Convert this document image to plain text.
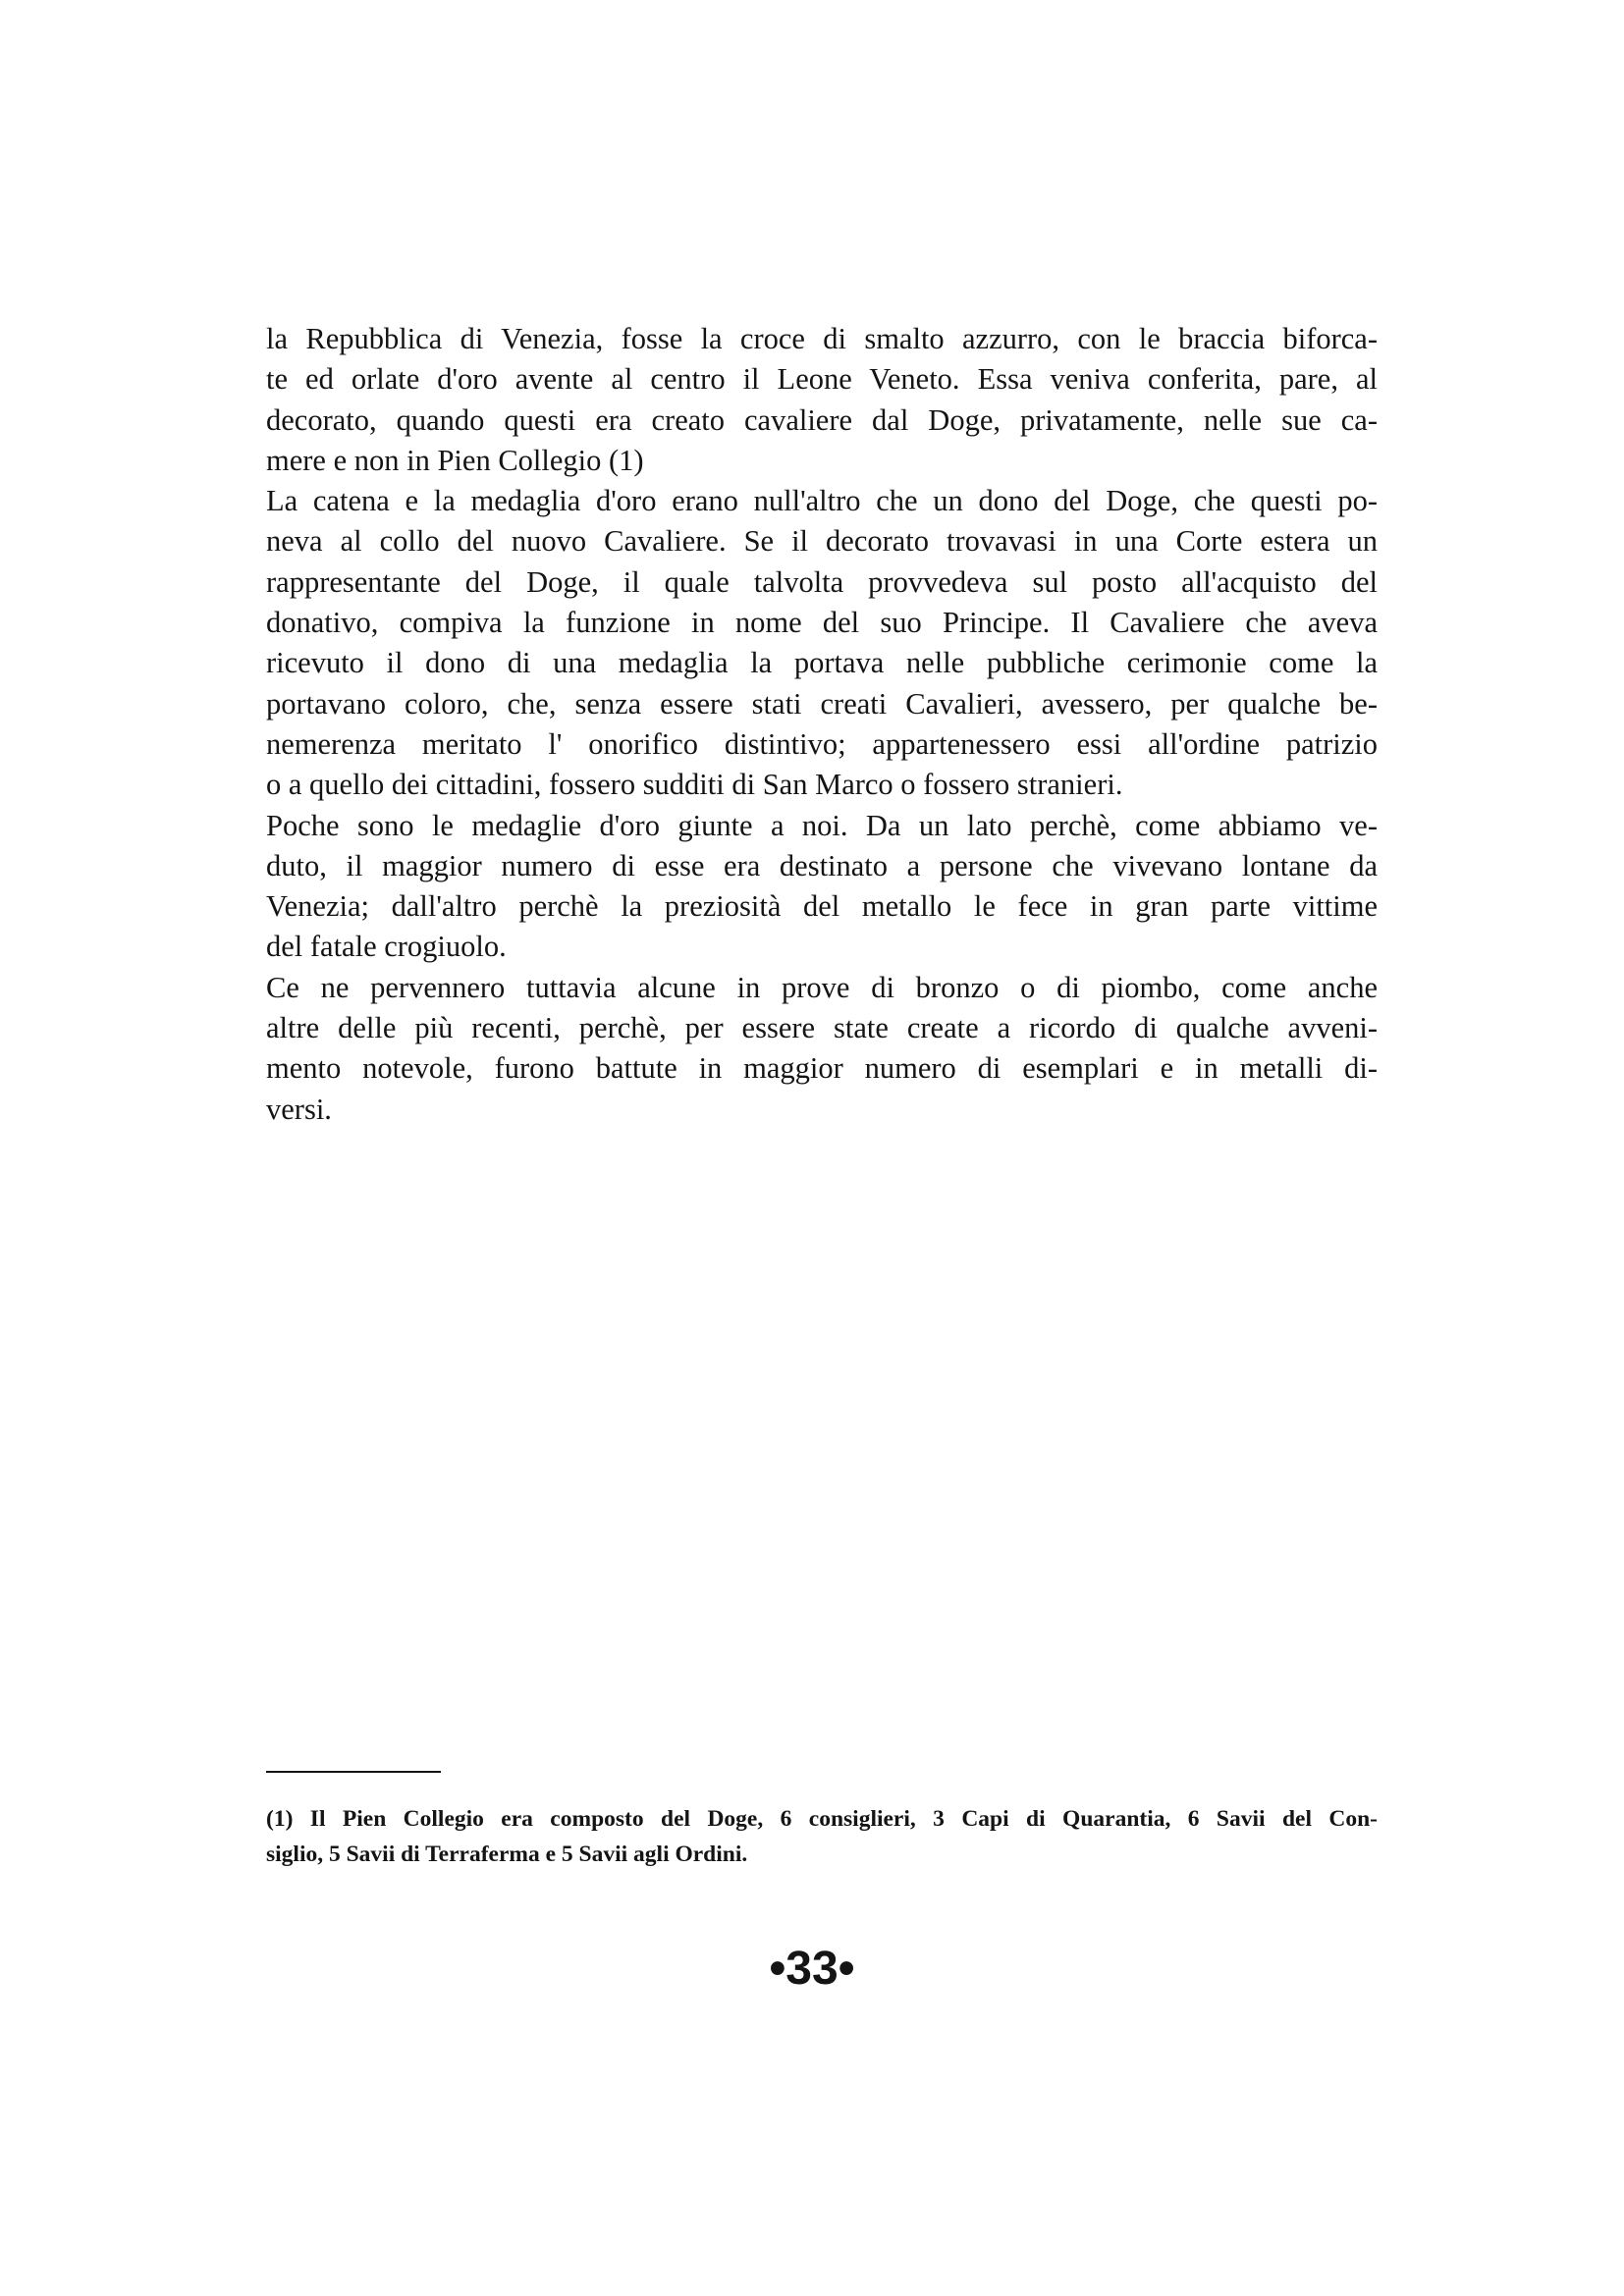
la Repubblica di Venezia, fosse la croce di smalto azzurro, con le braccia biforca-
te ed orlate d'oro avente al centro il Leone Veneto. Essa veniva conferita, pare, al
decorato, quando questi era creato cavaliere dal Doge, privatamente, nelle sue ca-
mere e non in Pien Collegio (1)
La catena e la medaglia d'oro erano null'altro che un dono del Doge, che questi po-
neva al collo del nuovo Cavaliere. Se il decorato trovavasi in una Corte estera un
rappresentante del Doge, il quale talvolta provvedeva sul posto all'acquisto del
donativo, compiva la funzione in nome del suo Principe. Il Cavaliere che aveva
ricevuto il dono di una medaglia la portava nelle pubbliche cerimonie come la
portavano coloro, che, senza essere stati creati Cavalieri, avessero, per qualche be-
nemerenza meritato l' onorifico distintivo; appartenessero essi all'ordine patrizio
o a quello dei cittadini, fossero sudditi di San Marco o fossero stranieri.
Poche sono le medaglie d'oro giunte a noi. Da un lato perchè, come abbiamo ve-
duto, il maggior numero di esse era destinato a persone che vivevano lontane da
Venezia; dall'altro perchè la preziosità del metallo le fece in gran parte vittime
del fatale crogiuolo.
Ce ne pervennero tuttavia alcune in prove di bronzo o di piombo, come anche
altre delle più recenti, perchè, per essere state create a ricordo di qualche avveni-
mento notevole, furono battute in maggior numero di esemplari e in metalli di-
versi.
(1) Il Pien Collegio era composto del Doge, 6 consiglieri, 3 Capi di Quarantia, 6 Savii del Con-
siglio, 5 Savii di Terraferma e 5 Savii agli Ordini.
•33•
